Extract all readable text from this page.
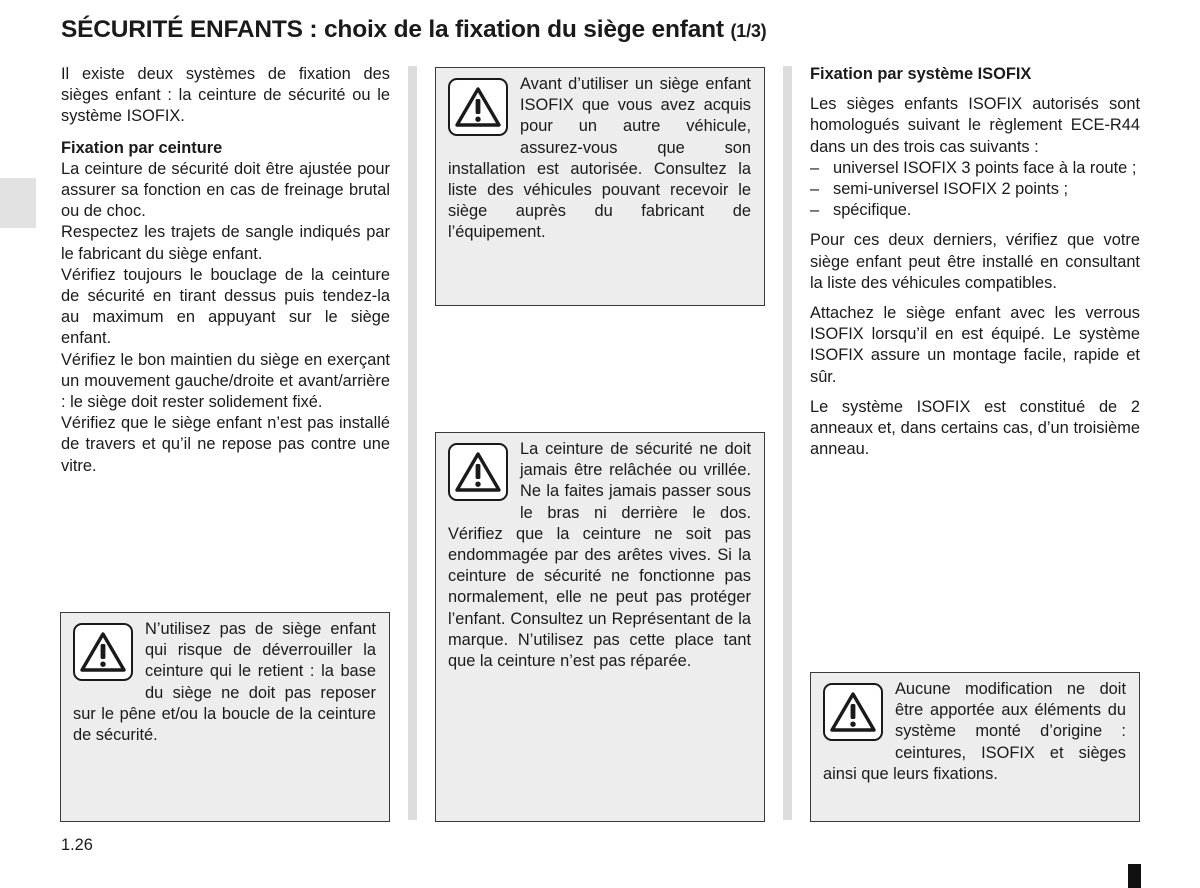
SÉCURITÉ ENFANTS : choix de la fixation du siège enfant (1/3)

Il existe deux systèmes de fixation des sièges enfant : la ceinture de sécurité ou le système ISOFIX.

Fixation par ceinture

La ceinture de sécurité doit être ajustée pour assurer sa fonction en cas de freinage brutal ou de choc.

Respectez les trajets de sangle indiqués par le fabricant du siège enfant.

Vérifiez toujours le bouclage de la ceinture de sécurité en tirant dessus puis tendez-la au maximum en appuyant sur le siège enfant.

Vérifiez le bon maintien du siège en exerçant un mouvement gauche/droite et avant/arrière : le siège doit rester solidement fixé.

Vérifiez que le siège enfant n’est pas installé de travers et qu’il ne repose pas contre une vitre.

N’utilisez pas de siège enfant qui risque de déverrouiller la ceinture qui le retient : la base du siège ne doit pas reposer sur le pêne et/ou la boucle de la ceinture de sécurité.
Avant d’utiliser un siège enfant ISOFIX que vous avez acquis pour un autre véhicule, assurez-vous que son installation est autorisée. Consultez la liste des véhicules pouvant recevoir le siège auprès du fabricant de l’équipement.
La ceinture de sécurité ne doit jamais être relâchée ou vrillée. Ne la faites jamais passer sous le bras ni derrière le dos. Vérifiez que la ceinture ne soit pas endommagée par des arêtes vives. Si la ceinture de sécurité ne fonctionne pas normalement, elle ne peut pas protéger l’enfant. Consultez un Représentant de la marque. N’utilisez pas cette place tant que la ceinture n’est pas réparée.

Fixation par système ISOFIX

Les sièges enfants ISOFIX autorisés sont homologués suivant le règlement ECE-R44 dans un des trois cas suivants :

– universel ISOFIX 3 points face à la route ;
– semi-universel ISOFIX 2 points ;
– spécifique.

Pour ces deux derniers, vérifiez que votre siège enfant peut être installé en consultant la liste des véhicules compatibles.

Attachez le siège enfant avec les verrous ISOFIX lorsqu’il en est équipé. Le système ISOFIX assure un montage facile, rapide et sûr.

Le système ISOFIX est constitué de 2 anneaux et, dans certains cas, d’un troisième anneau.

Aucune modification ne doit être apportée aux éléments du système monté d’origine : ceintures, ISOFIX et sièges ainsi que leurs fixations.
1.26
